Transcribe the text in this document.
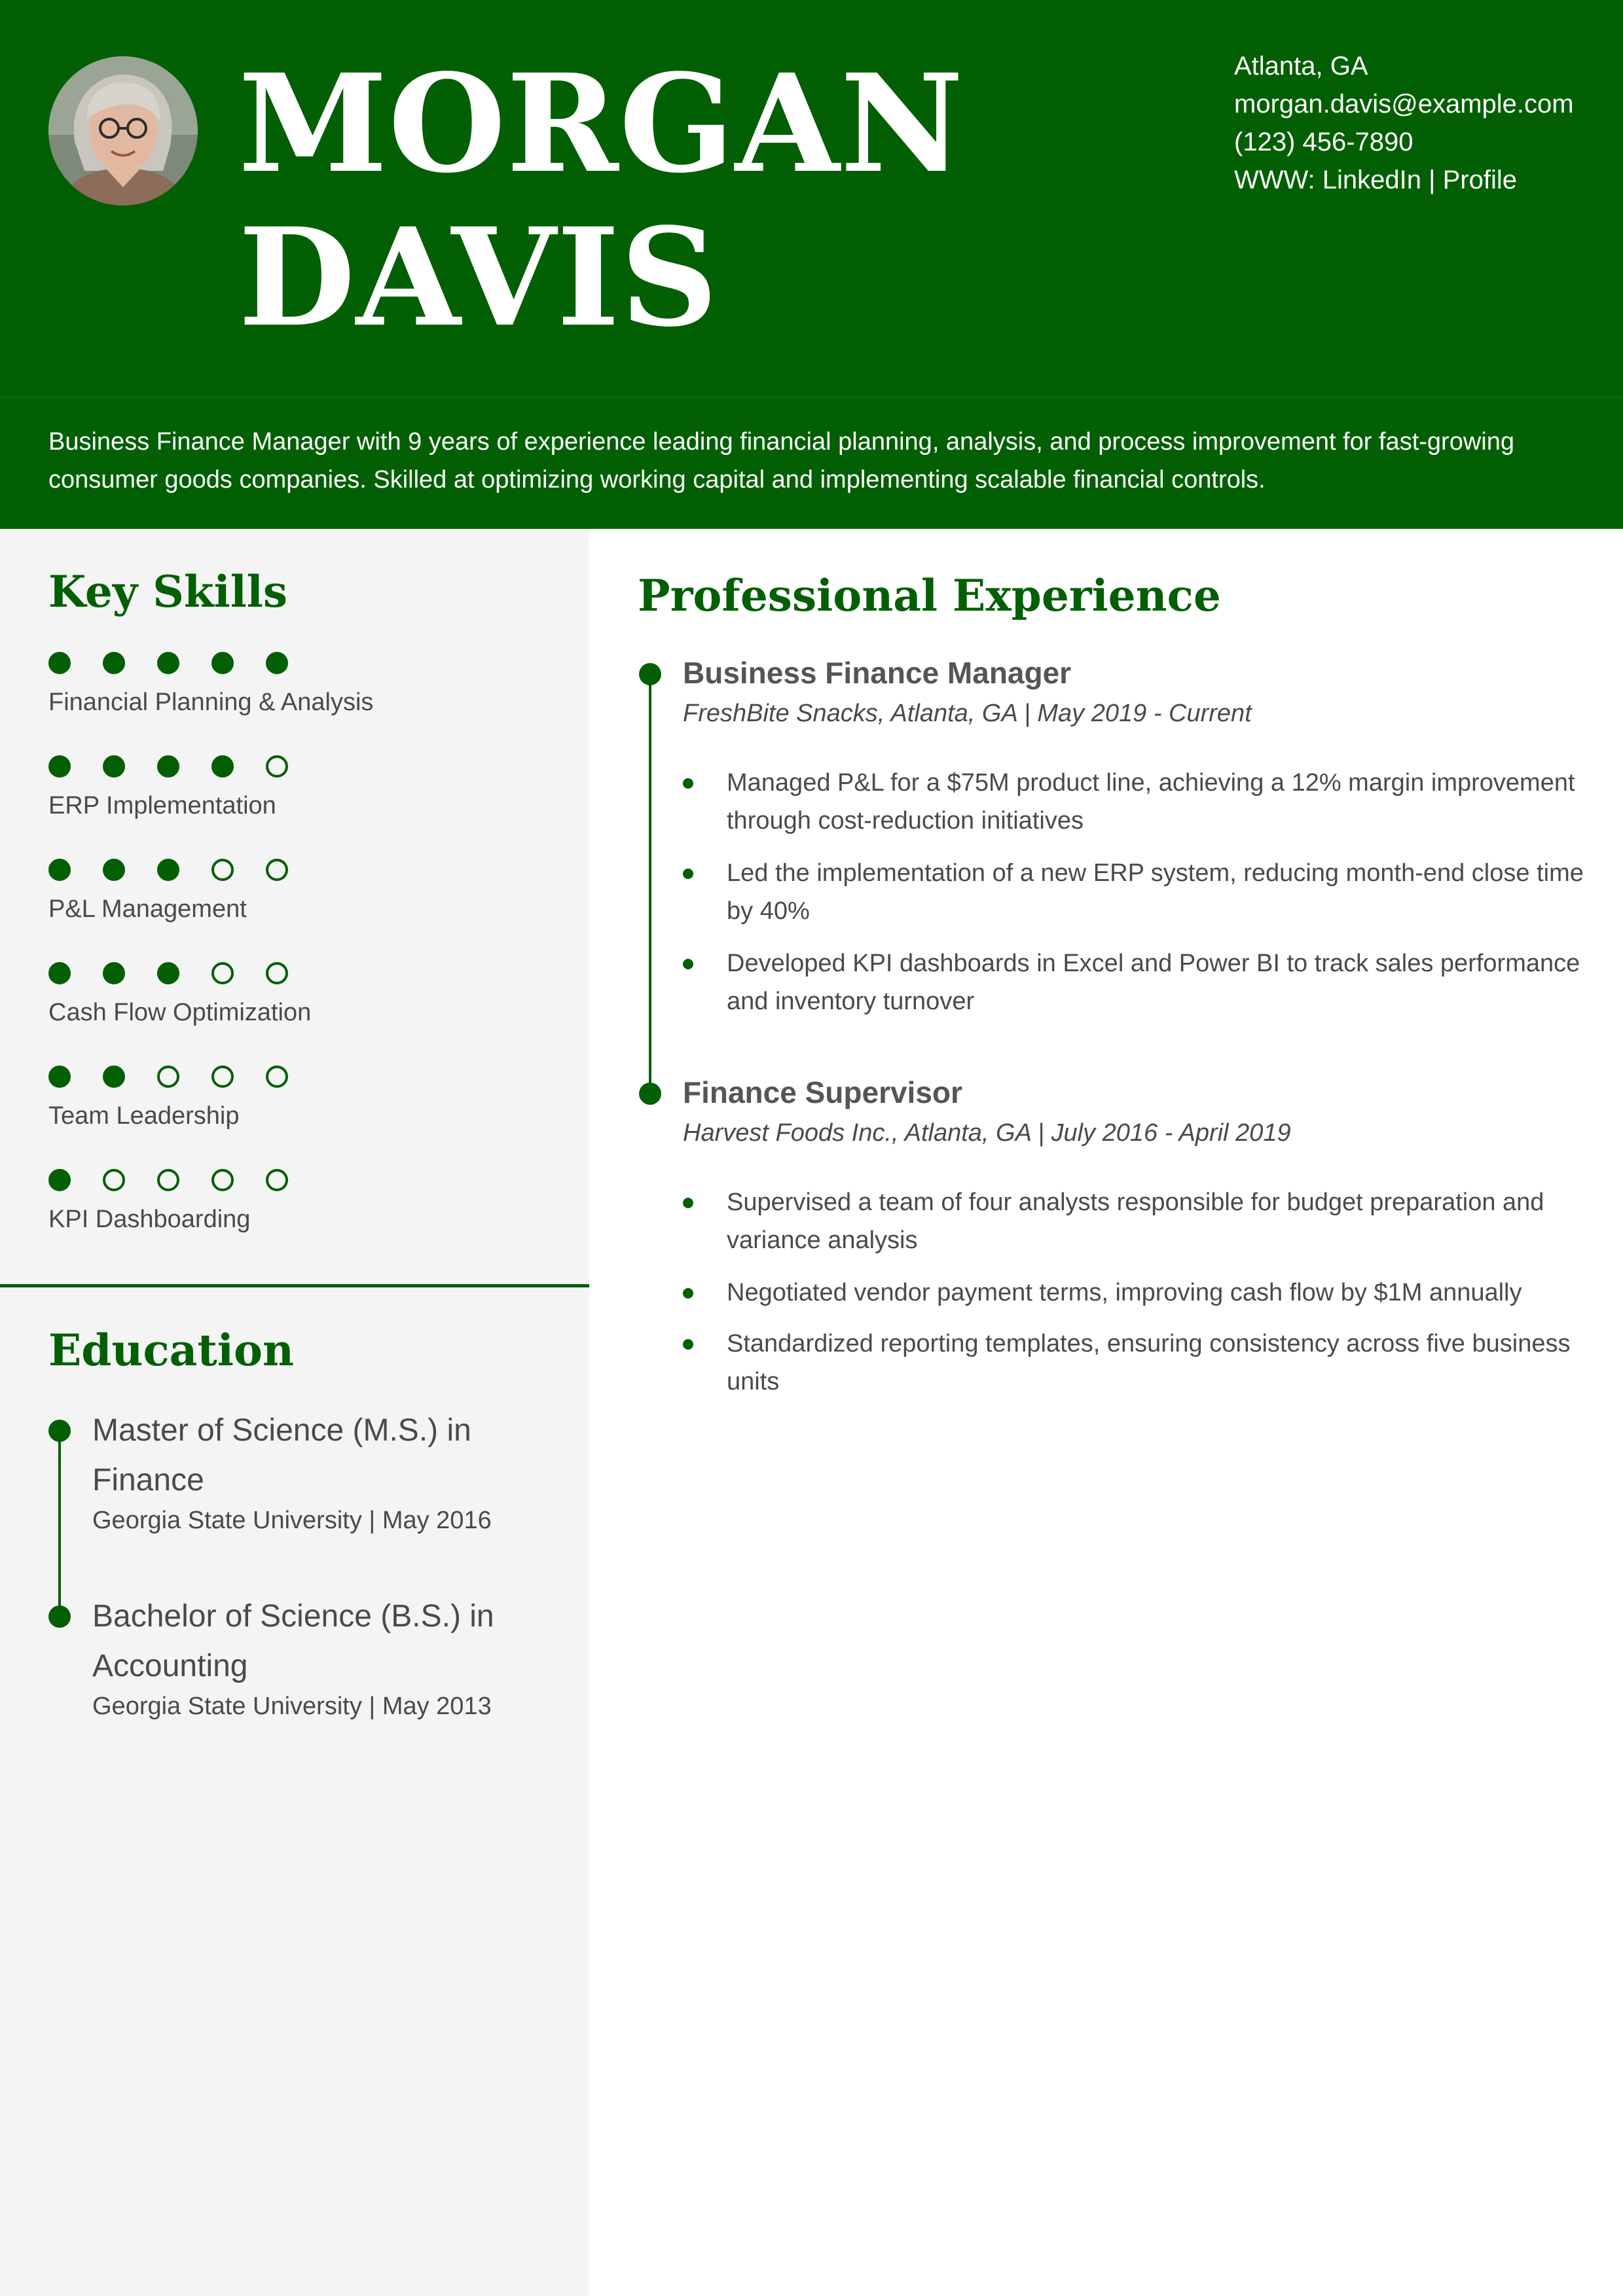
MORGAN
DAVIS
Atlanta, GA
morgan.davis@example.com
(123) 456-7890
WWW: LinkedIn | Profile
Business Finance Manager with 9 years of experience leading financial planning, analysis, and process improvement for fast-growing consumer goods companies. Skilled at optimizing working capital and implementing scalable financial controls.
Key Skills
Financial Planning & Analysis
ERP Implementation
P&L Management
Cash Flow Optimization
Team Leadership
KPI Dashboarding
Education
Master of Science (M.S.) in Finance
Georgia State University | May 2016
Bachelor of Science (B.S.) in Accounting
Georgia State University | May 2013
Professional Experience
Business Finance Manager
FreshBite Snacks, Atlanta, GA | May 2019 - Current
Managed P&L for a $75M product line, achieving a 12% margin improvement through cost-reduction initiatives
Led the implementation of a new ERP system, reducing month-end close time by 40%
Developed KPI dashboards in Excel and Power BI to track sales performance and inventory turnover
Finance Supervisor
Harvest Foods Inc., Atlanta, GA | July 2016 - April 2019
Supervised a team of four analysts responsible for budget preparation and variance analysis
Negotiated vendor payment terms, improving cash flow by $1M annually
Standardized reporting templates, ensuring consistency across five business units
